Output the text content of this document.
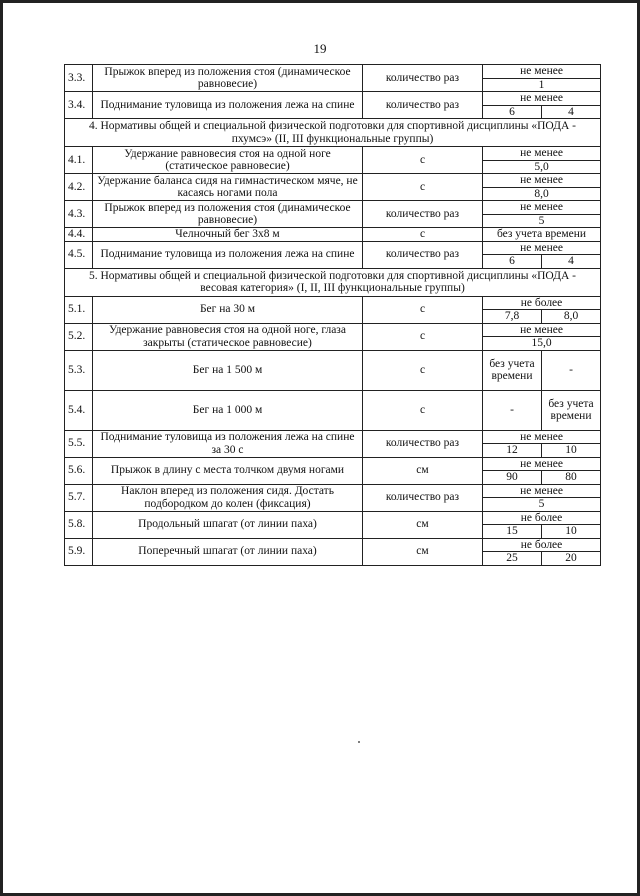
19
3.3.	Прыжок вперед из положения стоя (динамическое равновесие)	количество раз	не менее	
			1	
3.4.	Поднимание туловища из положения лежа на спине	количество раз	не менее	
			6	4
4. Нормативы общей и специальной физической подготовки для спортивной дисциплины «ПОДА - пхумсэ» (II, III функциональные группы)				
4.1.	Удержание равновесия стоя на одной ноге (статическое равновесие)	с	не менее	
			5,0	
4.2.	Удержание баланса сидя на гимнастическом мяче, не касаясь ногами пола	с	не менее	
			8,0	
4.3.	Прыжок вперед из положения стоя (динамическое равновесие)	количество раз	не менее	
			5	
4.4.	Челночный бег 3х8 м	с	без учета времени	
4.5.	Поднимание туловища из положения лежа на спине	количество раз	не менее	
			6	4
5. Нормативы общей и специальной физической подготовки для спортивной дисциплины «ПОДА - весовая категория» (I, II, III функциональные группы)				
5.1.	Бег на 30 м	с	не более	
			7,8	8,0
5.2.	Удержание равновесия стоя на одной ноге, глаза закрыты (статическое равновесие)	с	не менее	
			15,0	
5.3.	Бег на 1 500 м	с	без учета времени	-
5.4.	Бег на 1 000 м	с	-	без учета времени
5.5.	Поднимание туловища из положения лежа на спине за 30 с	количество раз	не менее	
			12	10
5.6.	Прыжок в длину с места толчком двумя ногами	см	не менее	
			90	80
5.7.	Наклон вперед из положения сидя. Достать подбородком до колен (фиксация)	количество раз	не менее	
			5	
5.8.	Продольный шпагат (от линии паха)	см	не более	
			15	10
5.9.	Поперечный шпагат (от линии паха)	см	не более	
			25	20
